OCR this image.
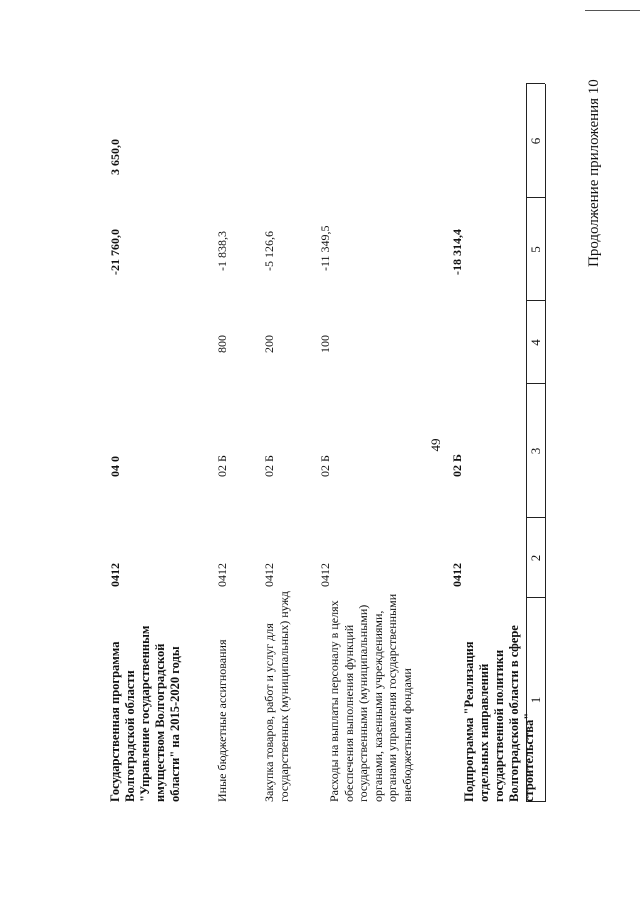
49
Продолжение приложения 10
1
2
3
4
5
6
Подпрограмма "Реализация отдельных направлений государственной политики Волгоградской области в сфере строительства"
0412
02 Б
-18 314,4
Расходы на выплаты персоналу в целях обеспечения выполнения функций государственными (муниципальными) органами, казенными учреждениями, органами управления государственными внебюджетными фондами
0412
02 Б
100
-11 349,5
Закупка товаров, работ и услуг для государственных (муниципальных) нужд
0412
02 Б
200
-5 126,6
Иные бюджетные ассигнования
0412
02 Б
800
-1 838,3
Государственная программа Волгоградской области "Управление государственным имуществом Волгоградской области" на 2015-2020 годы
0412
04 0
-21 760,0
3 650,0
